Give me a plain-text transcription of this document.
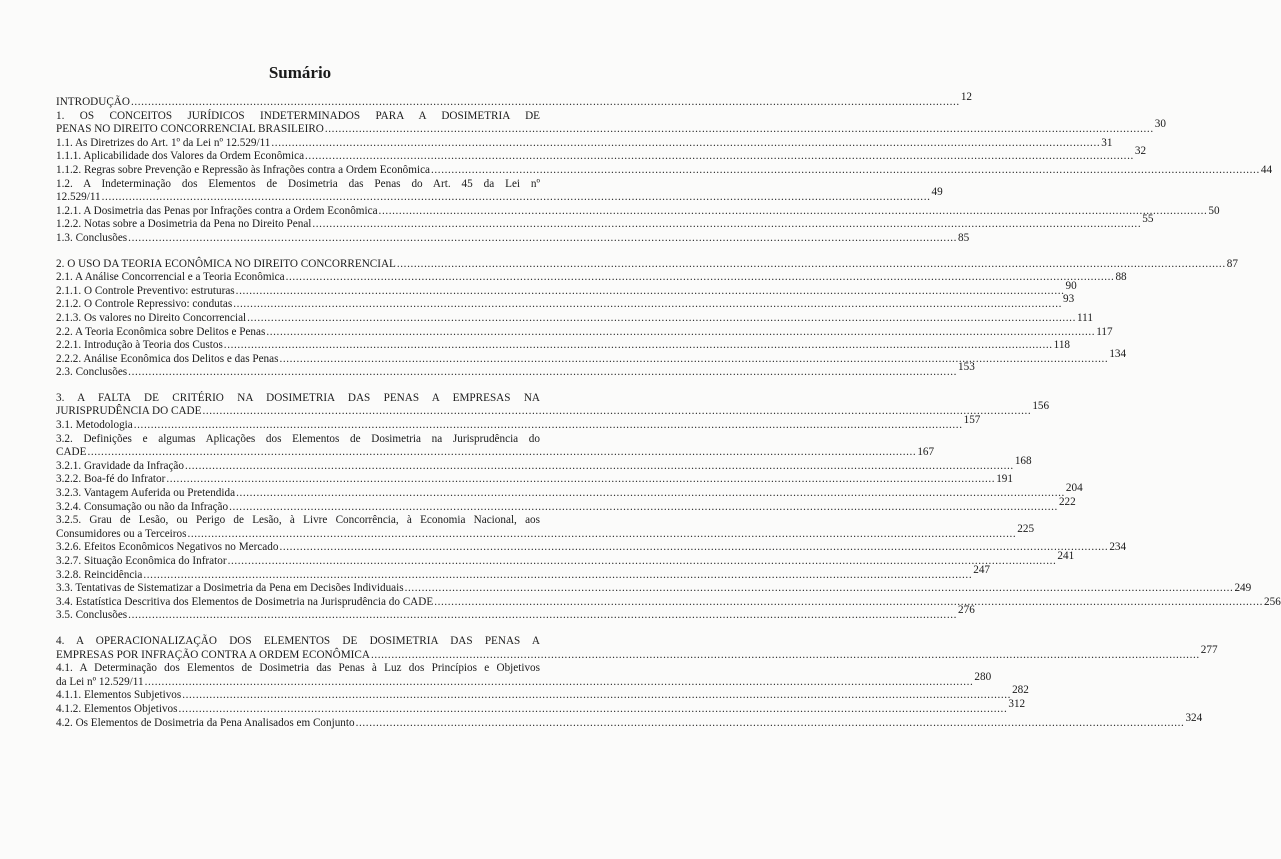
Sumário
INTRODUÇÃO .....	12
1. OS CONCEITOS JURÍDICOS INDETERMINADOS PARA A DOSIMETRIA DE
PENAS NO DIREITO CONCORRENCIAL BRASILEIRO .....	30
1.1. As Diretrizes do Art. 1º da Lei nº 12.529/11 .....	31
1.1.1. Aplicabilidade dos Valores da Ordem Econômica .....	32
1.1.2. Regras sobre Prevenção e Repressão às Infrações contra a Ordem Econômica .....	44
1.2. A Indeterminação dos Elementos de Dosimetria das Penas do Art. 45 da Lei nº
12.529/11 .....	49
1.2.1. A Dosimetria das Penas por Infrações contra a Ordem Econômica .....	50
1.2.2. Notas sobre a Dosimetria da Pena no Direito Penal .....	55
1.3. Conclusões .....	85
2. O USO DA TEORIA ECONÔMICA NO DIREITO CONCORRENCIAL .....	87
2.1. A Análise Concorrencial e a Teoria Econômica .....	88
2.1.1. O Controle Preventivo: estruturas .....	90
2.1.2. O Controle Repressivo: condutas .....	93
2.1.3. Os valores no Direito Concorrencial .....	111
2.2. A Teoria Econômica sobre Delitos e Penas .....	117
2.2.1. Introdução à Teoria dos Custos .....	118
2.2.2. Análise Econômica dos Delitos e das Penas .....	134
2.3. Conclusões .....	153
3. A FALTA DE CRITÉRIO NA DOSIMETRIA DAS PENAS A EMPRESAS NA
JURISPRUDÊNCIA DO CADE .....	156
3.1. Metodologia .....	157
3.2. Definições e algumas Aplicações dos Elementos de Dosimetria na Jurisprudência do
CADE .....	167
3.2.1. Gravidade da Infração .....	168
3.2.2. Boa-fé do Infrator .....	191
3.2.3. Vantagem Auferida ou Pretendida .....	204
3.2.4. Consumação ou não da Infração .....	222
3.2.5. Grau de Lesão, ou Perigo de Lesão, à Livre Concorrência, à Economia Nacional, aos
Consumidores ou a Terceiros .....	225
3.2.6. Efeitos Econômicos Negativos no Mercado .....	234
3.2.7. Situação Econômica do Infrator .....	241
3.2.8. Reincidência .....	247
3.3. Tentativas de Sistematizar a Dosimetria da Pena em Decisões Individuais .....	249
3.4. Estatística Descritiva dos Elementos de Dosimetria na Jurisprudência do CADE .....	256
3.5. Conclusões .....	276
4. A OPERACIONALIZAÇÃO DOS ELEMENTOS DE DOSIMETRIA DAS PENAS A
EMPRESAS POR INFRAÇÃO CONTRA A ORDEM ECONÔMICA .....	277
4.1. A Determinação dos Elementos de Dosimetria das Penas à Luz dos Princípios e Objetivos
da Lei nº 12.529/11 .....	280
4.1.1. Elementos Subjetivos .....	282
4.1.2. Elementos Objetivos .....	312
4.2. Os Elementos de Dosimetria da Pena Analisados em Conjunto .....	324
